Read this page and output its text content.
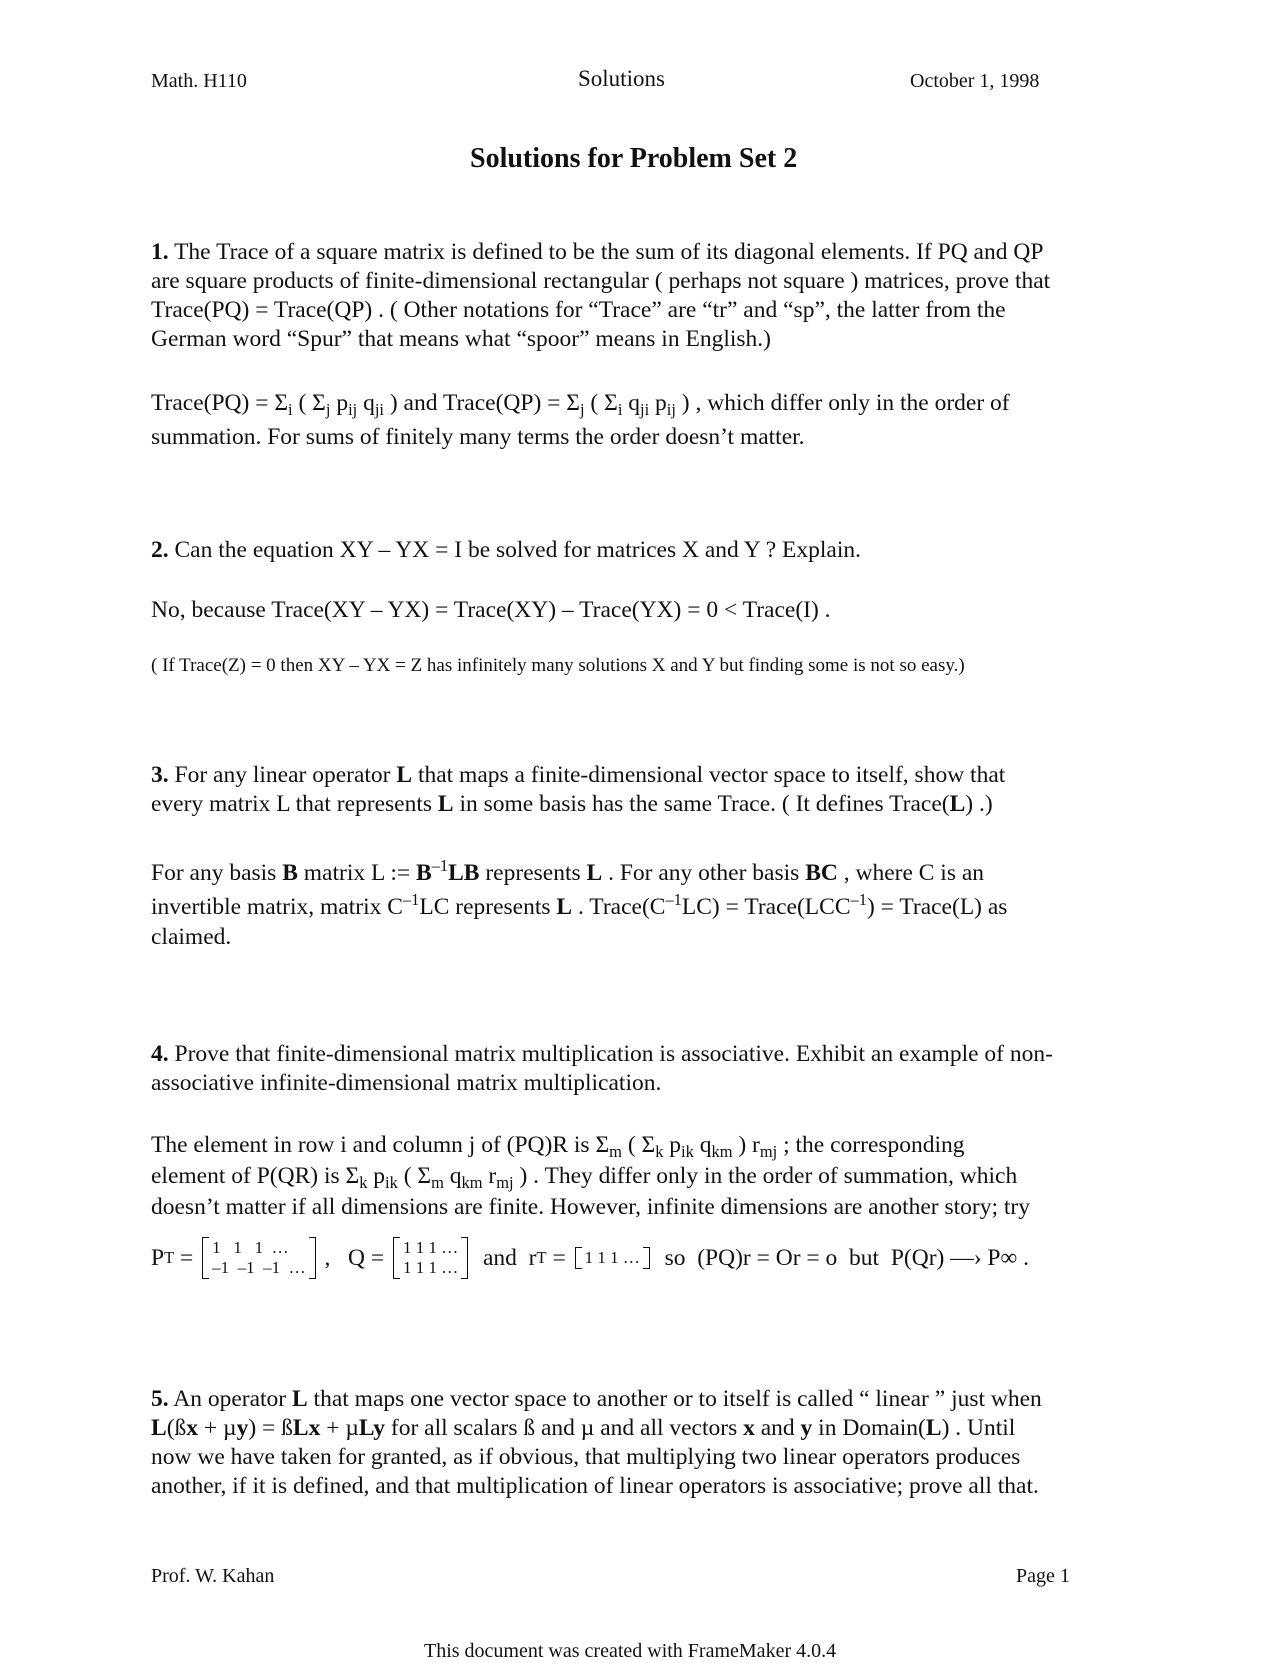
Math. H110	Solutions	October 1, 1998
Solutions for Problem Set 2
1. The Trace of a square matrix is defined to be the sum of its diagonal elements. If PQ and QP
are square products of finite-dimensional rectangular ( perhaps not square ) matrices, prove that
Trace(PQ) = Trace(QP) . ( Other notations for “Trace” are “tr” and “sp”, the latter from the
German word “Spur” that means what “spoor” means in English.)
Trace(PQ) = $\Sigma_i$ ( $\Sigma_j$ $p_{ij}$ $q_{ji}$ ) and Trace(QP) = $\Sigma_j$ ( $\Sigma_i$ $q_{ji}$ $p_{ij}$ ) , which differ only in the order of
summation. For sums of finitely many terms the order doesn’t matter.
2. Can the equation XY – YX = I be solved for matrices X and Y ? Explain.
No, because Trace(XY – YX) = Trace(XY) – Trace(YX) = 0 < Trace(I) .
( If Trace(Z) = 0 then XY – YX = Z has infinitely many solutions X and Y but finding some is not so easy.)
3. For any linear operator L that maps a finite-dimensional vector space to itself, show that
every matrix L that represents L in some basis has the same Trace. ( It defines Trace(L) .)
For any basis B matrix L := $B^{-1}LB$ represents L . For any other basis BC , where C is an
invertible matrix, matrix $C^{-1}LC$ represents L . $Trace(C^{-1}LC)$ = $Trace(LCC^{-1})$ = Trace(L) as
claimed.
4. Prove that finite-dimensional matrix multiplication is associative. Exhibit an example of non-
associative infinite-dimensional matrix multiplication.
The element in row i and column j of (PQ)R is $\Sigma_m$ ( $\Sigma_k$ $p_{ik}$ $q_{km}$ ) $r_{mj}$ ; the corresponding
element of P(QR) is $\Sigma_k$ $p_{ik}$ ( $\Sigma_m$ $q_{km}$ $r_{mj}$ ) . They differ only in the order of summation, which
doesn’t matter if all dimensions are finite. However, infinite dimensions are another story; try
P T = 1   1   1  …
–1  –1  –1  … ,   Q = 1 1 1 …
1 1 1 … and  r T = 1 1 1 … so  (PQ)r = Or = o  but  P(Qr) —› P∞ .
5. An operator L that maps one vector space to another or to itself is called “ linear ” just when
L(ßx + µy) = ßLx + µLy for all scalars ß and µ and all vectors x and y in Domain(L) . Until
now we have taken for granted, as if obvious, that multiplying two linear operators produces
another, if it is defined, and that multiplication of linear operators is associative; prove all that.
Prof. W. Kahan	Page 1
This document was created with FrameMaker 4.0.4
